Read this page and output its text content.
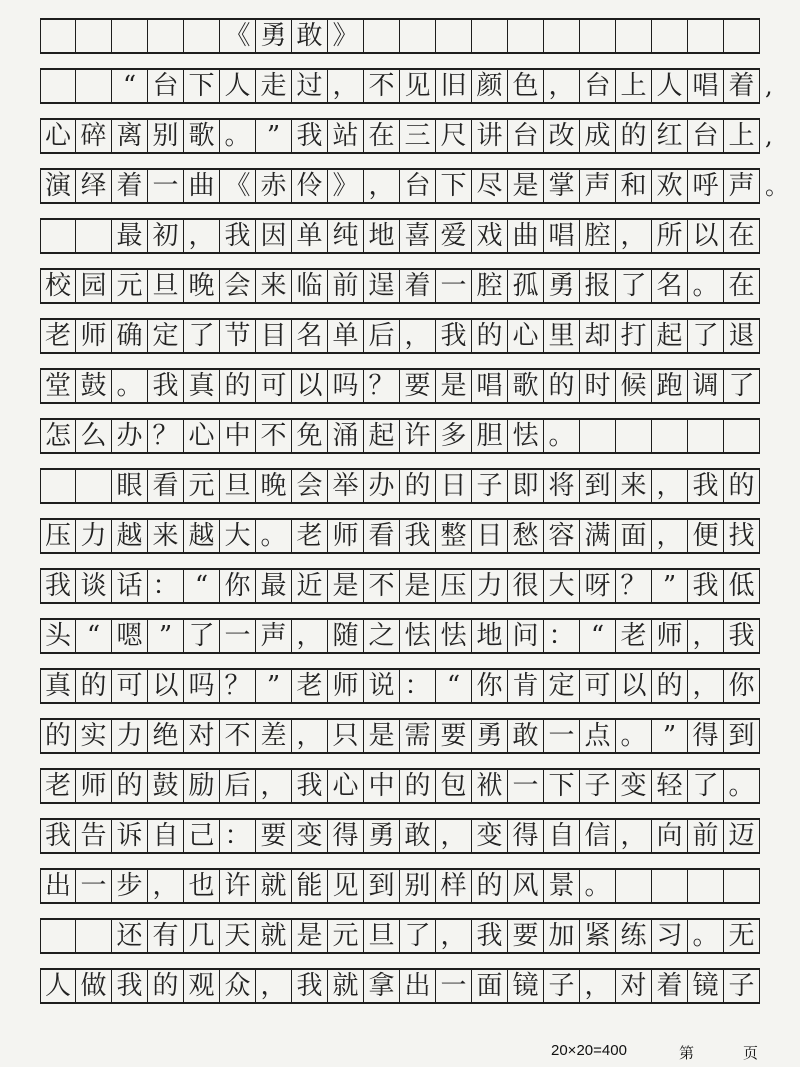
《 勇 敢 》
“ 台 下 人 走 过 ， 不 见 旧 颜 色 ， 台 上 人 唱 着 ,
心 碎 离 别 歌 。 ” 我 站 在 三 尺 讲 台 改 成 的 红 台 上 ,
演 绎 着 一 曲 《 赤 伶 》 ， 台 下 尽 是 掌 声 和 欢 呼 声 。
最 初 ， 我 因 单 纯 地 喜 爱 戏 曲 唱 腔 ， 所 以 在
校 园 元 旦 晚 会 来 临 前 逞 着 一 腔 孤 勇 报 了 名 。 在
老 师 确 定 了 节 目 名 单 后 ， 我 的 心 里 却 打 起 了 退
堂 鼓 。 我 真 的 可 以 吗 ？ 要 是 唱 歌 的 时 候 跑 调 了
怎 么 办 ？ 心 中 不 免 涌 起 许 多 胆 怯 。
眼 看 元 旦 晚 会 举 办 的 日 子 即 将 到 来 ， 我 的
压 力 越 来 越 大 。 老 师 看 我 整 日 愁 容 满 面 ， 便 找
我 谈 话 ： “ 你 最 近 是 不 是 压 力 很 大 呀 ？ ” 我 低
头 “ 嗯 ” 了 一 声 ， 随 之 怯 怯 地 问 ： “ 老 师 ， 我
真 的 可 以 吗 ？ ” 老 师 说 ： “ 你 肯 定 可 以 的 ， 你
的 实 力 绝 对 不 差 ， 只 是 需 要 勇 敢 一 点 。 ” 得 到
老 师 的 鼓 励 后 ， 我 心 中 的 包 袱 一 下 子 变 轻 了 。
我 告 诉 自 己 ： 要 变 得 勇 敢 ， 变 得 自 信 ， 向 前 迈
出 一 步 ， 也 许 就 能 见 到 别 样 的 风 景 。
还 有 几 天 就 是 元 旦 了 ， 我 要 加 紧 练 习 。 无
人 做 我 的 观 众 ， 我 就 拿 出 一 面 镜 子 ， 对 着 镜 子
20×20=400	第	页
